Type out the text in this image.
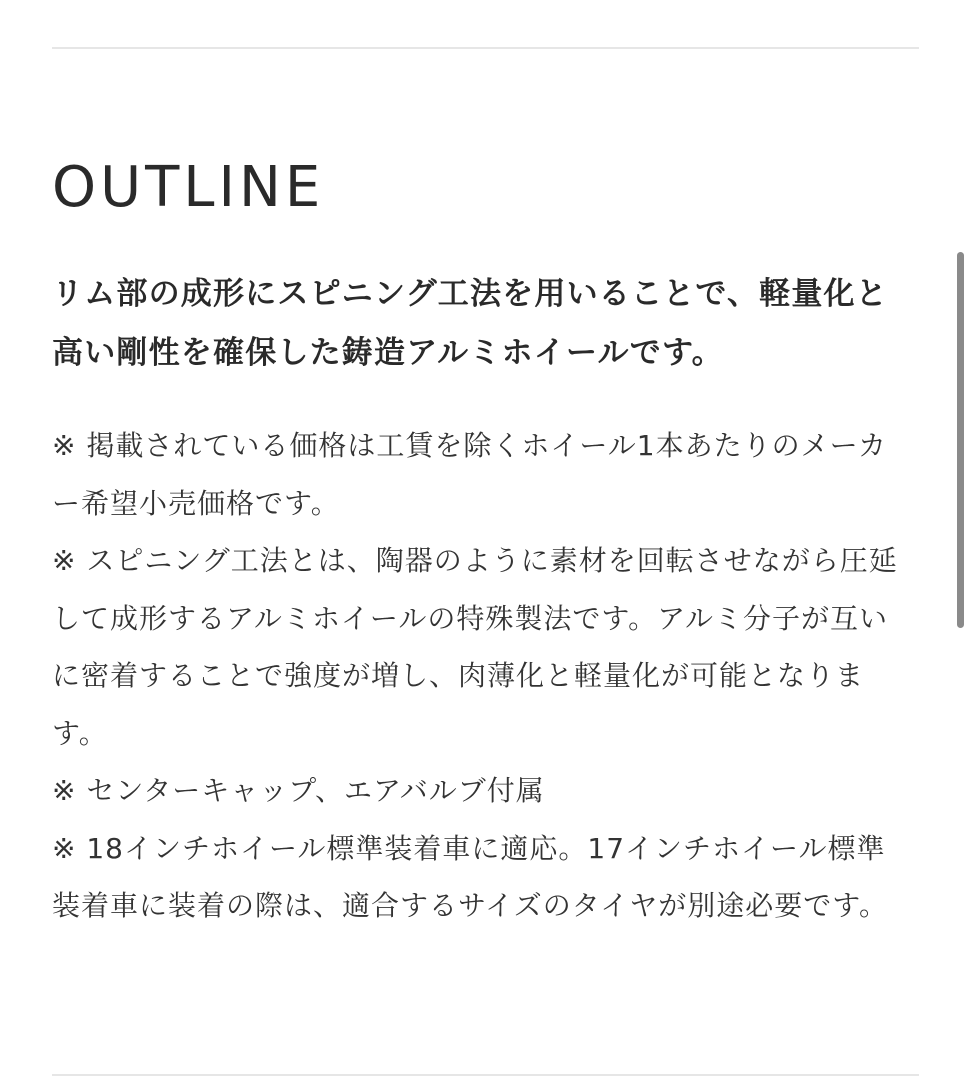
OUTLINE

リム部の成形にスピニング工法を用いることで、軽量化と高い剛性を確保した鋳造アルミホイールです。

※ 掲載されている価格は工賃を除くホイール1本あたりのメーカー希望小売価格です。
※ スピニング工法とは、陶器のように素材を回転させながら圧延して成形するアルミホイールの特殊製法です。アルミ分子が互いに密着することで強度が増し、肉薄化と軽量化が可能となります。
※ センターキャップ、エアバルブ付属
※ 18インチホイール標準装着車に適応。17インチホイール標準装着車に装着の際は、適合するサイズのタイヤが別途必要です。
